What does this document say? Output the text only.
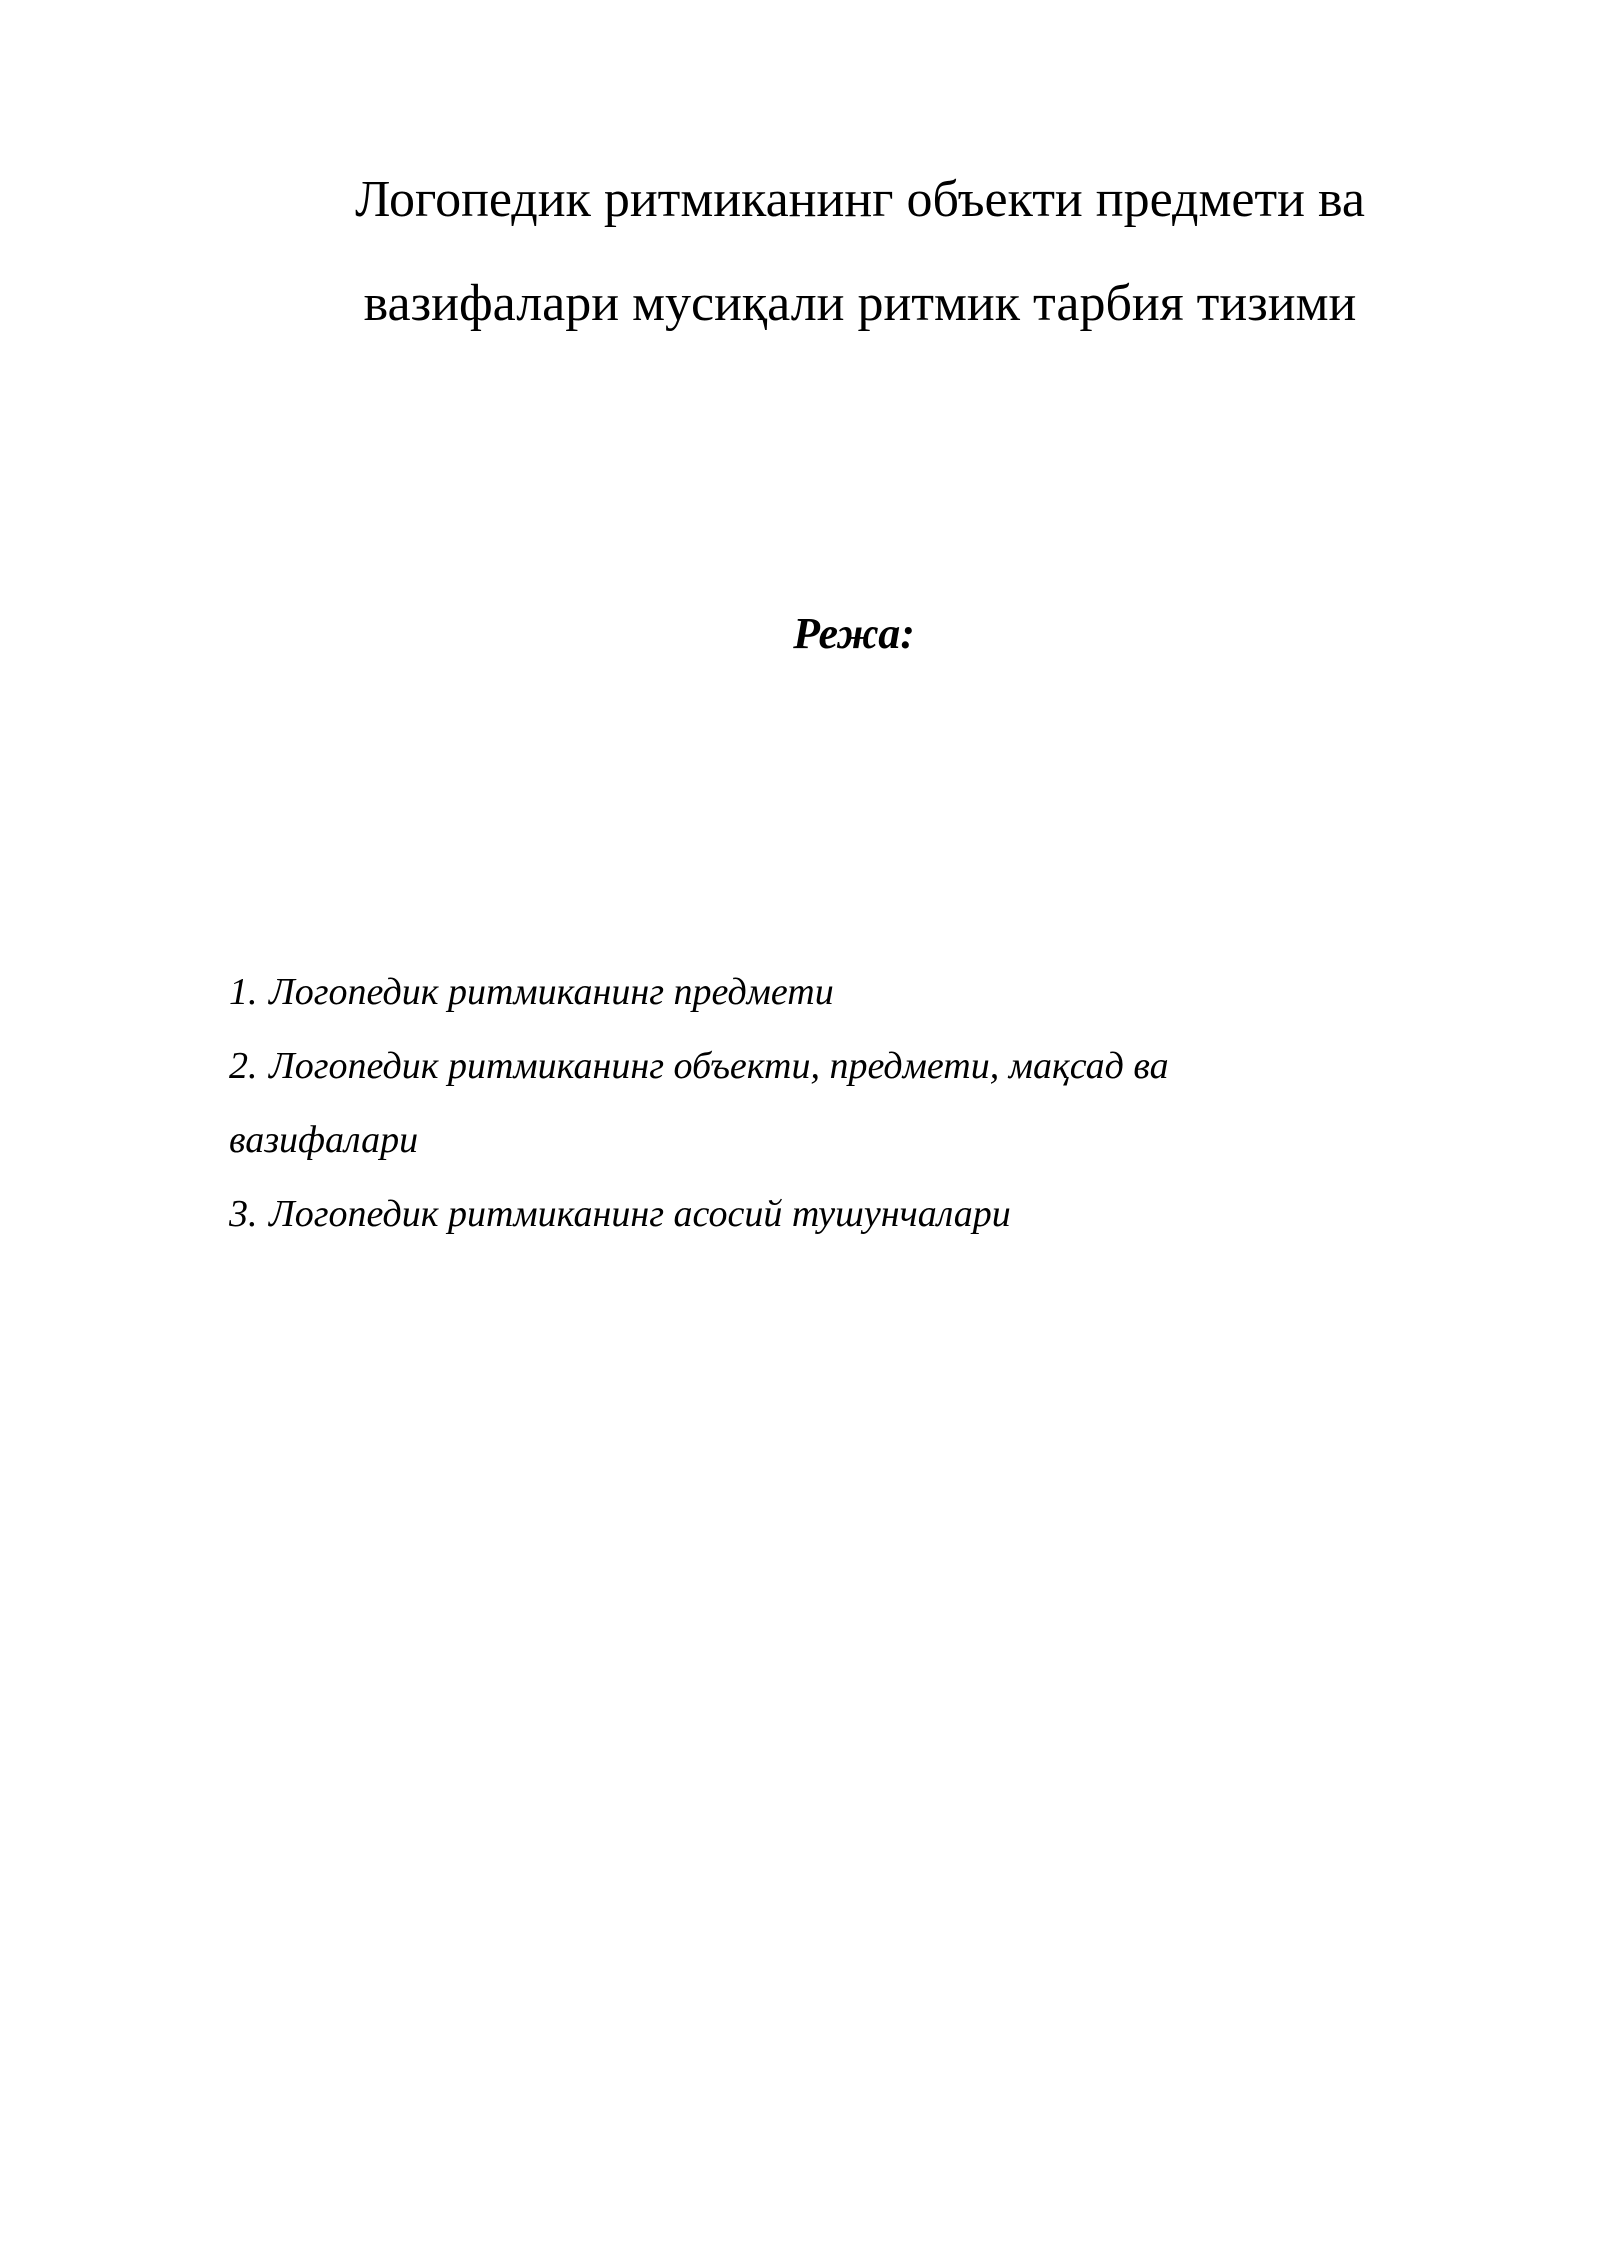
Логопедик ритмиканинг объекти предмети ва
вазифалари мусиқали ритмик тарбия тизими
Режа:
1. Логопедик ритмиканинг предмети
2. Логопедик ритмиканинг объекти, предмети, мақсад ва
вазифалари
3. Логопедик ритмиканинг асосий тушунчалари
